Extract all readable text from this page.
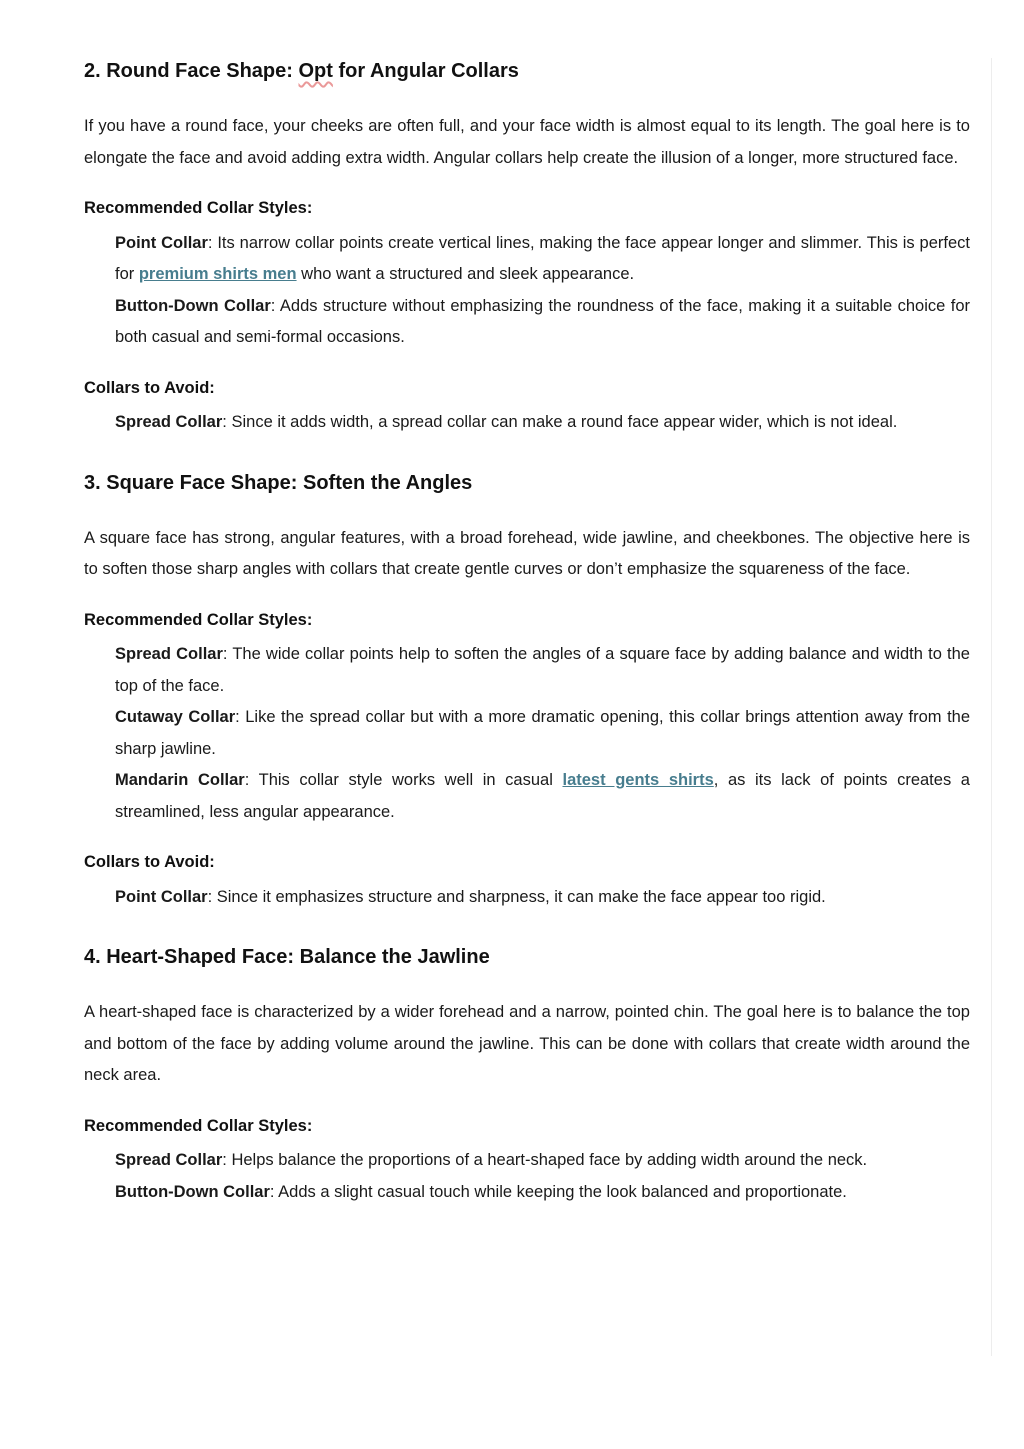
2. Round Face Shape: Opt for Angular Collars

If you have a round face, your cheeks are often full, and your face width is almost equal to its length. The goal here is to elongate the face and avoid adding extra width. Angular collars help create the illusion of a longer, more structured face.

Recommended Collar Styles:

Point Collar: Its narrow collar points create vertical lines, making the face appear longer and slimmer. This is perfect for premium shirts men who want a structured and sleek appearance.

Button-Down Collar: Adds structure without emphasizing the roundness of the face, making it a suitable choice for both casual and semi-formal occasions.

Collars to Avoid:

Spread Collar: Since it adds width, a spread collar can make a round face appear wider, which is not ideal.

3. Square Face Shape: Soften the Angles

A square face has strong, angular features, with a broad forehead, wide jawline, and cheekbones. The objective here is to soften those sharp angles with collars that create gentle curves or don’t emphasize the squareness of the face.

Recommended Collar Styles:

Spread Collar: The wide collar points help to soften the angles of a square face by adding balance and width to the top of the face.

Cutaway Collar: Like the spread collar but with a more dramatic opening, this collar brings attention away from the sharp jawline.

Mandarin Collar: This collar style works well in casual latest gents shirts, as its lack of points creates a streamlined, less angular appearance.

Collars to Avoid:

Point Collar: Since it emphasizes structure and sharpness, it can make the face appear too rigid.

4. Heart-Shaped Face: Balance the Jawline

A heart-shaped face is characterized by a wider forehead and a narrow, pointed chin. The goal here is to balance the top and bottom of the face by adding volume around the jawline. This can be done with collars that create width around the neck area.

Recommended Collar Styles:

Spread Collar: Helps balance the proportions of a heart-shaped face by adding width around the neck.

Button-Down Collar: Adds a slight casual touch while keeping the look balanced and proportionate.
